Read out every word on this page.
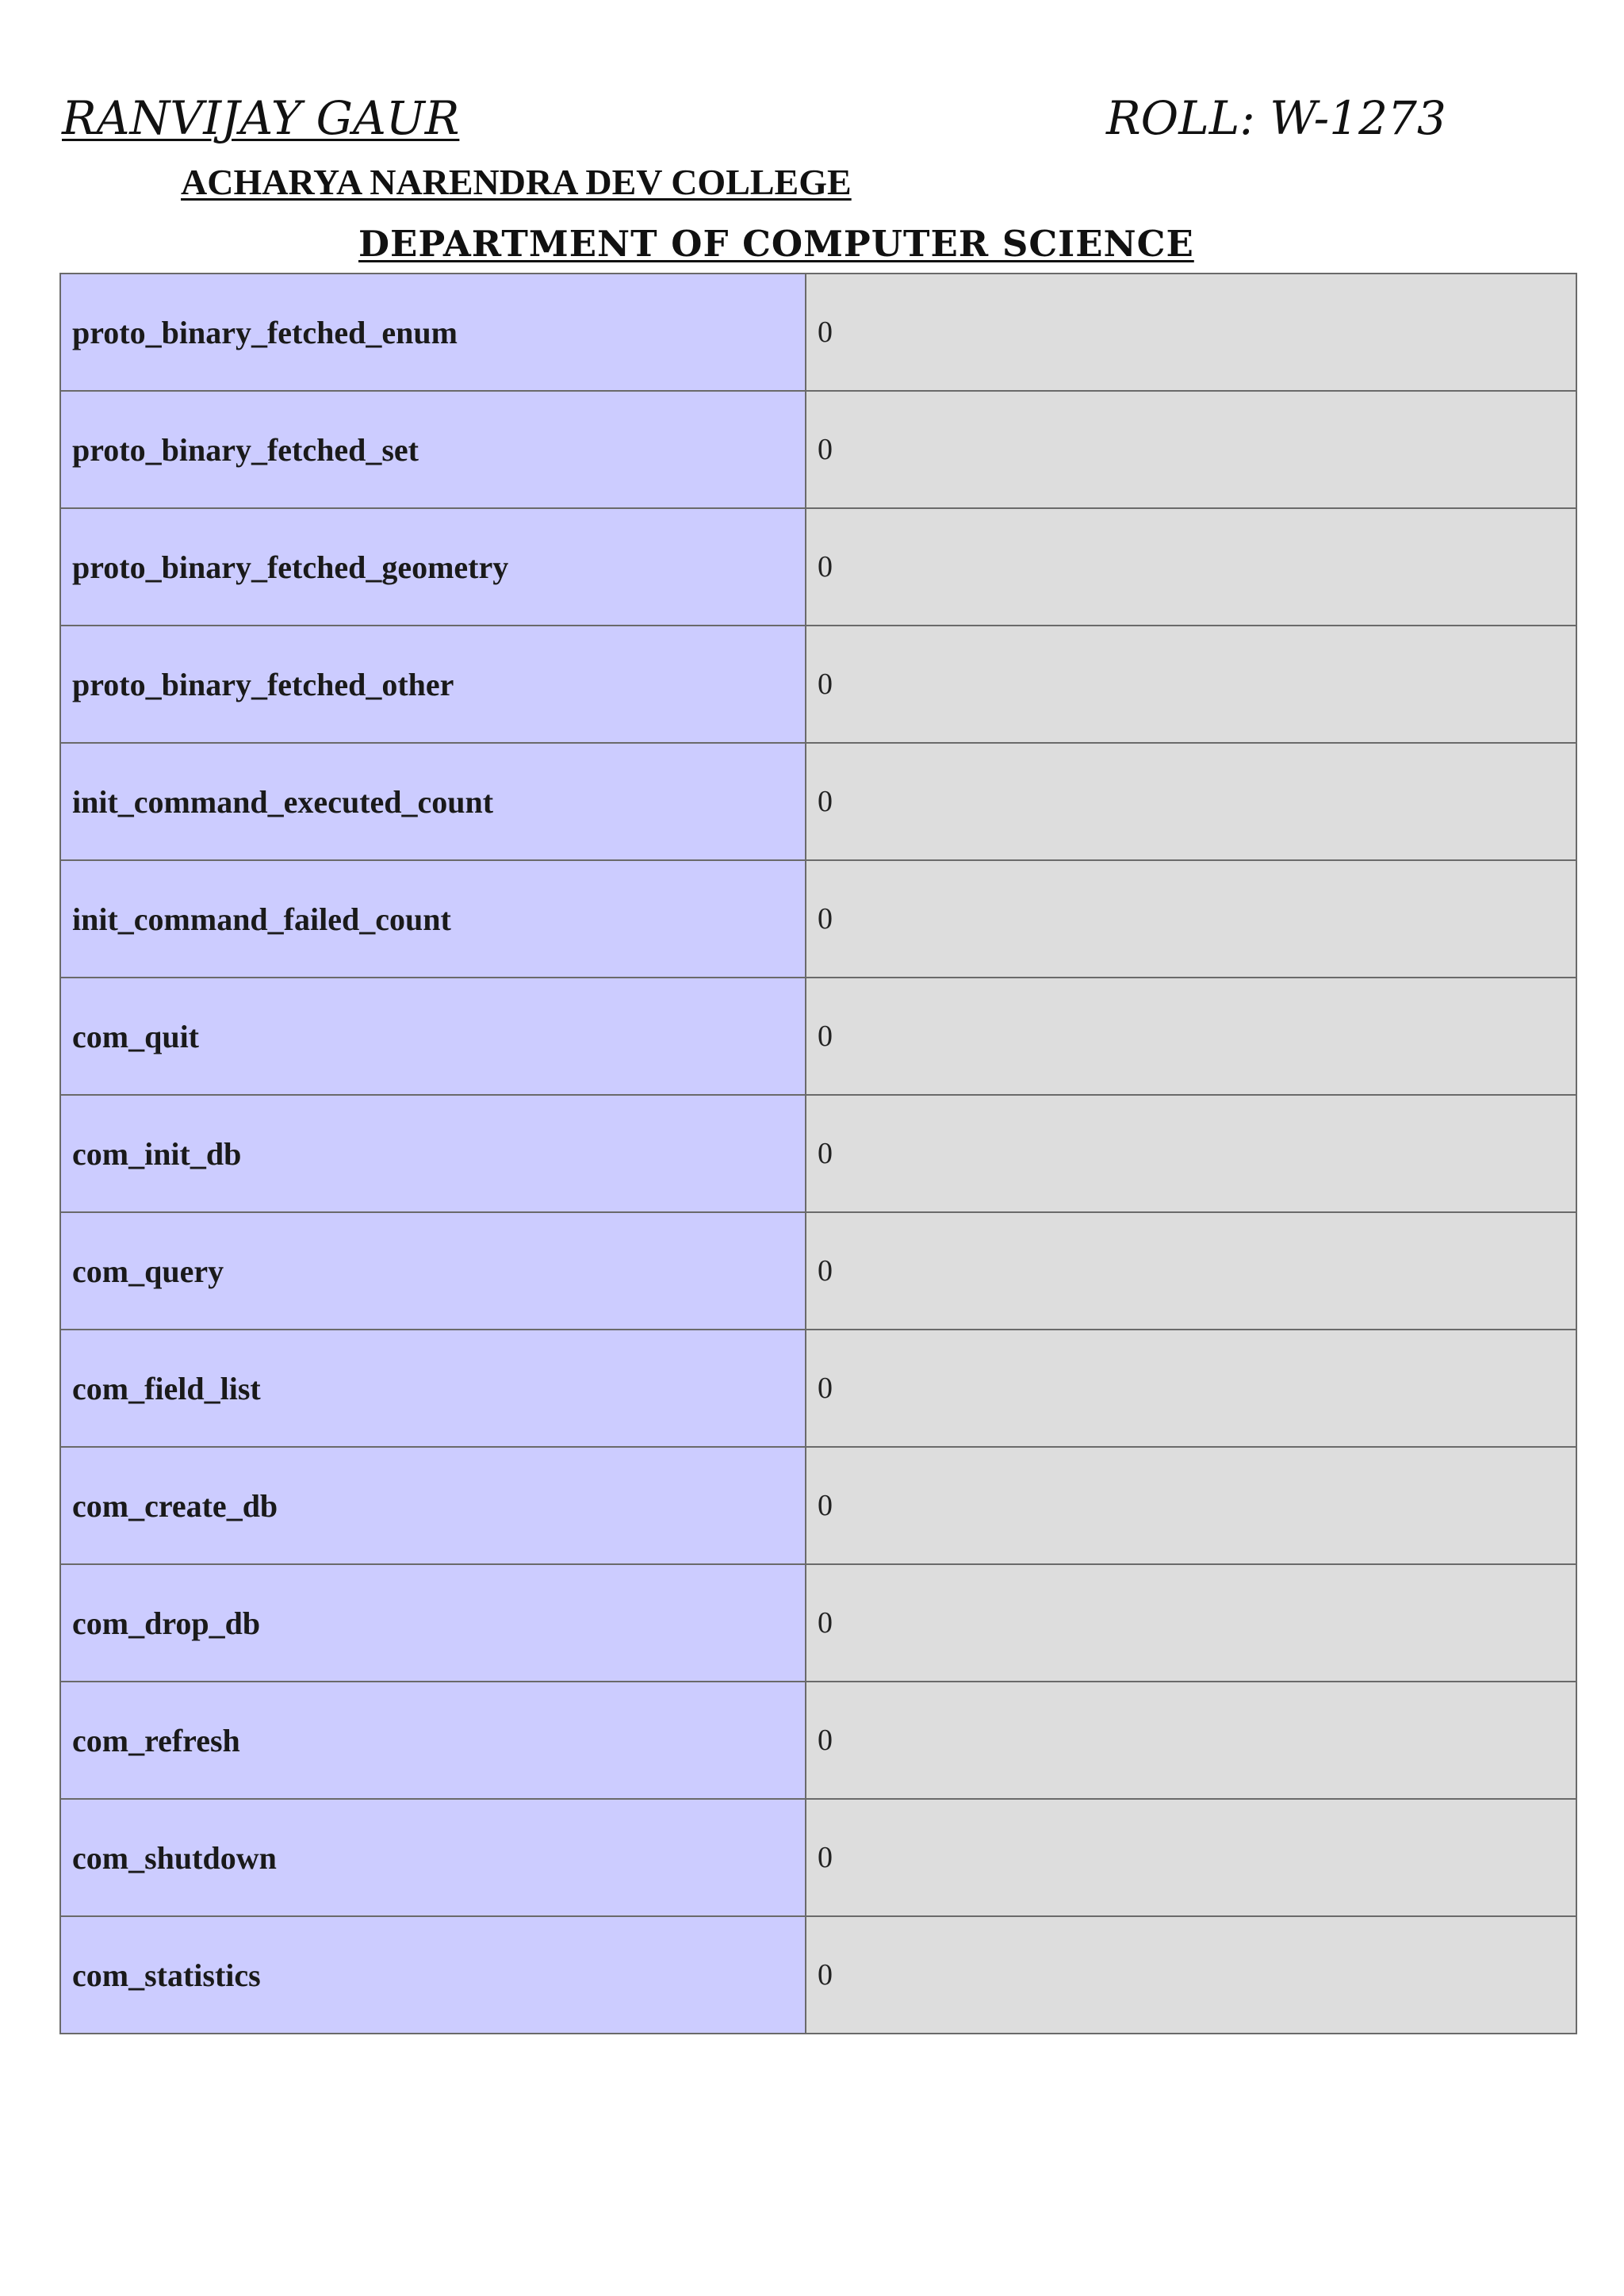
RANVIJAY GAUR	ROLL: W-1273
ACHARYA NARENDRA DEV COLLEGE
DEPARTMENT OF COMPUTER SCIENCE
proto_binary_fetched_enum	0
proto_binary_fetched_set	0
proto_binary_fetched_geometry	0
proto_binary_fetched_other	0
init_command_executed_count	0
init_command_failed_count	0
com_quit	0
com_init_db	0
com_query	0
com_field_list	0
com_create_db	0
com_drop_db	0
com_refresh	0
com_shutdown	0
com_statistics	0
